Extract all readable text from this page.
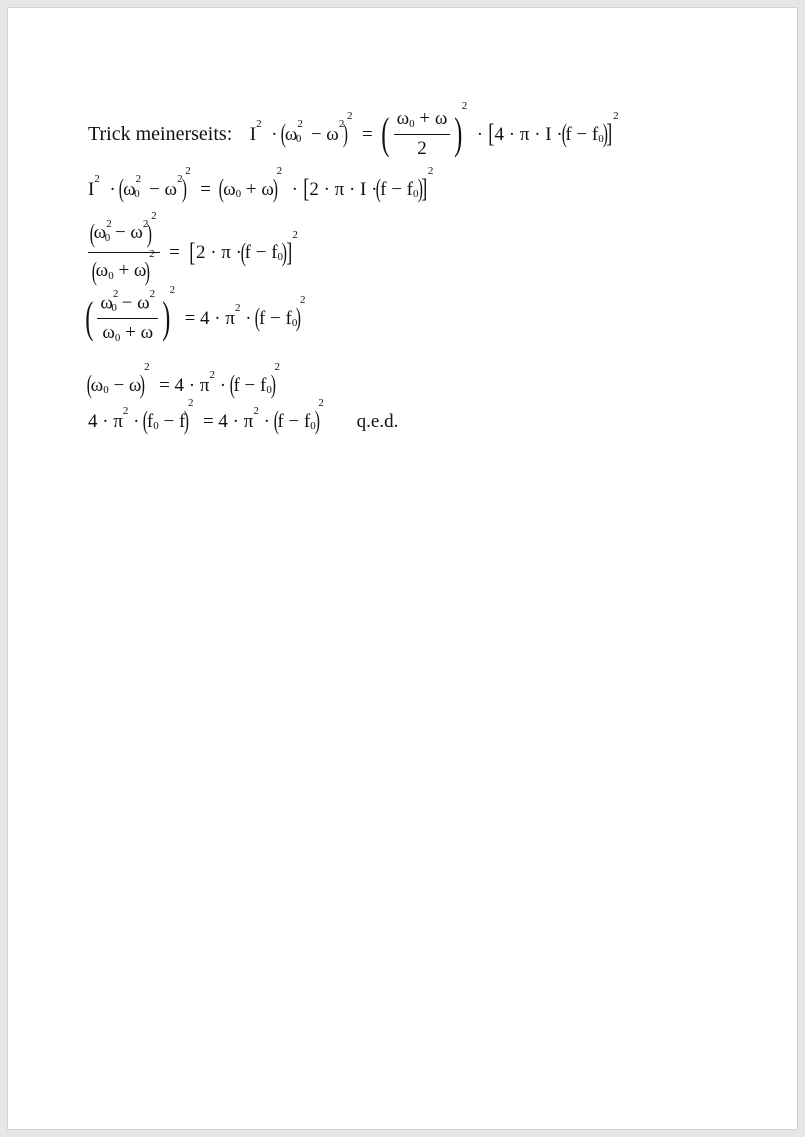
Trick meinerseits: I2  · (ω20  − ω2)2  =  ( $\frac{\omega 0 + \omega}{2} )2 \cdot [4 \cdot \pi \cdot I \cdot(f - f0)]2$
I2  · (ω20  − ω2)2  =  (ω0 + ω)2  · [2 · π · I ·(f − f0)]2
$\frac{(\omega 20 - \omega 2)2}{(\omega 0 + \omega)2} = [2 \cdot \pi \cdot(f - f0)]2$
( $\frac{\omega 20 - \omega 2}{\omega 0 + \omega} )2 = 4 \cdot \pi 2 \cdot (f - f0)2$
(ω0 − ω)2  = 4 · π2 · (f − f0)2
4 · π2 · (f0 − f)2  = 4 · π2 · (f − f0)2 q.e.d.
